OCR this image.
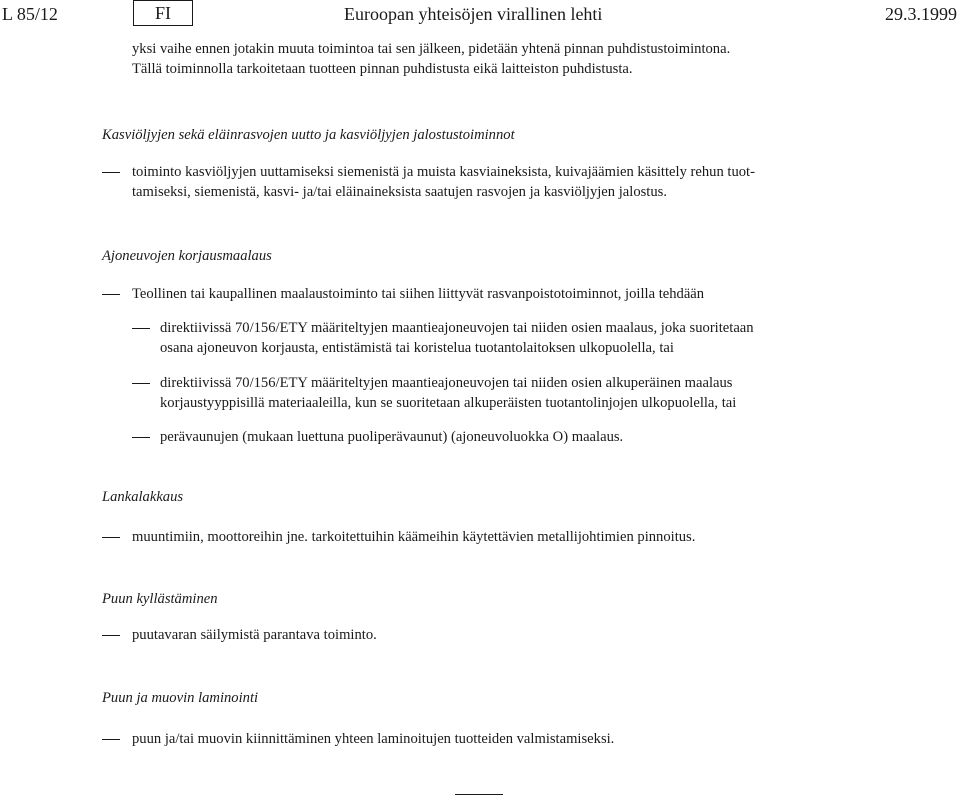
L 85/12	FI	Euroopan yhteisöjen virallinen lehti	29.3.1999
yksi vaihe ennen jotakin muuta toimintoa tai sen jälkeen, pidetään yhtenä pinnan puhdistustoimintona.
Tällä toiminnolla tarkoitetaan tuotteen pinnan puhdistusta eikä laitteiston puhdistusta.
Kasviöljyjen sekä eläinrasvojen uutto ja kasviöljyjen jalostustoiminnot
toiminto kasviöljyjen uuttamiseksi siemenistä ja muista kasviaineksista, kuivajäämien käsittely rehun tuot-
tamiseksi, siemenistä, kasvi- ja/tai eläinaineksista saatujen rasvojen ja kasviöljyjen jalostus.
Ajoneuvojen korjausmaalaus
Teollinen tai kaupallinen maalaustoiminto tai siihen liittyvät rasvanpoistotoiminnot, joilla tehdään
direktiivissä 70/156/ETY määriteltyjen maantieajoneuvojen tai niiden osien maalaus, joka suoritetaan
osana ajoneuvon korjausta, entistämistä tai koristelua tuotantolaitoksen ulkopuolella, tai
direktiivissä 70/156/ETY määriteltyjen maantieajoneuvojen tai niiden osien alkuperäinen maalaus
korjaustyyppisillä materiaaleilla, kun se suoritetaan alkuperäisten tuotantolinjojen ulkopuolella, tai
perävaunujen (mukaan luettuna puoliperävaunut) (ajoneuvoluokka O) maalaus.
Lankalakkaus
muuntimiin, moottoreihin jne. tarkoitettuihin käämeihin käytettävien metallijohtimien pinnoitus.
Puun kyllästäminen
puutavaran säilymistä parantava toiminto.
Puun ja muovin laminointi
puun ja/tai muovin kiinnittäminen yhteen laminoitujen tuotteiden valmistamiseksi.
